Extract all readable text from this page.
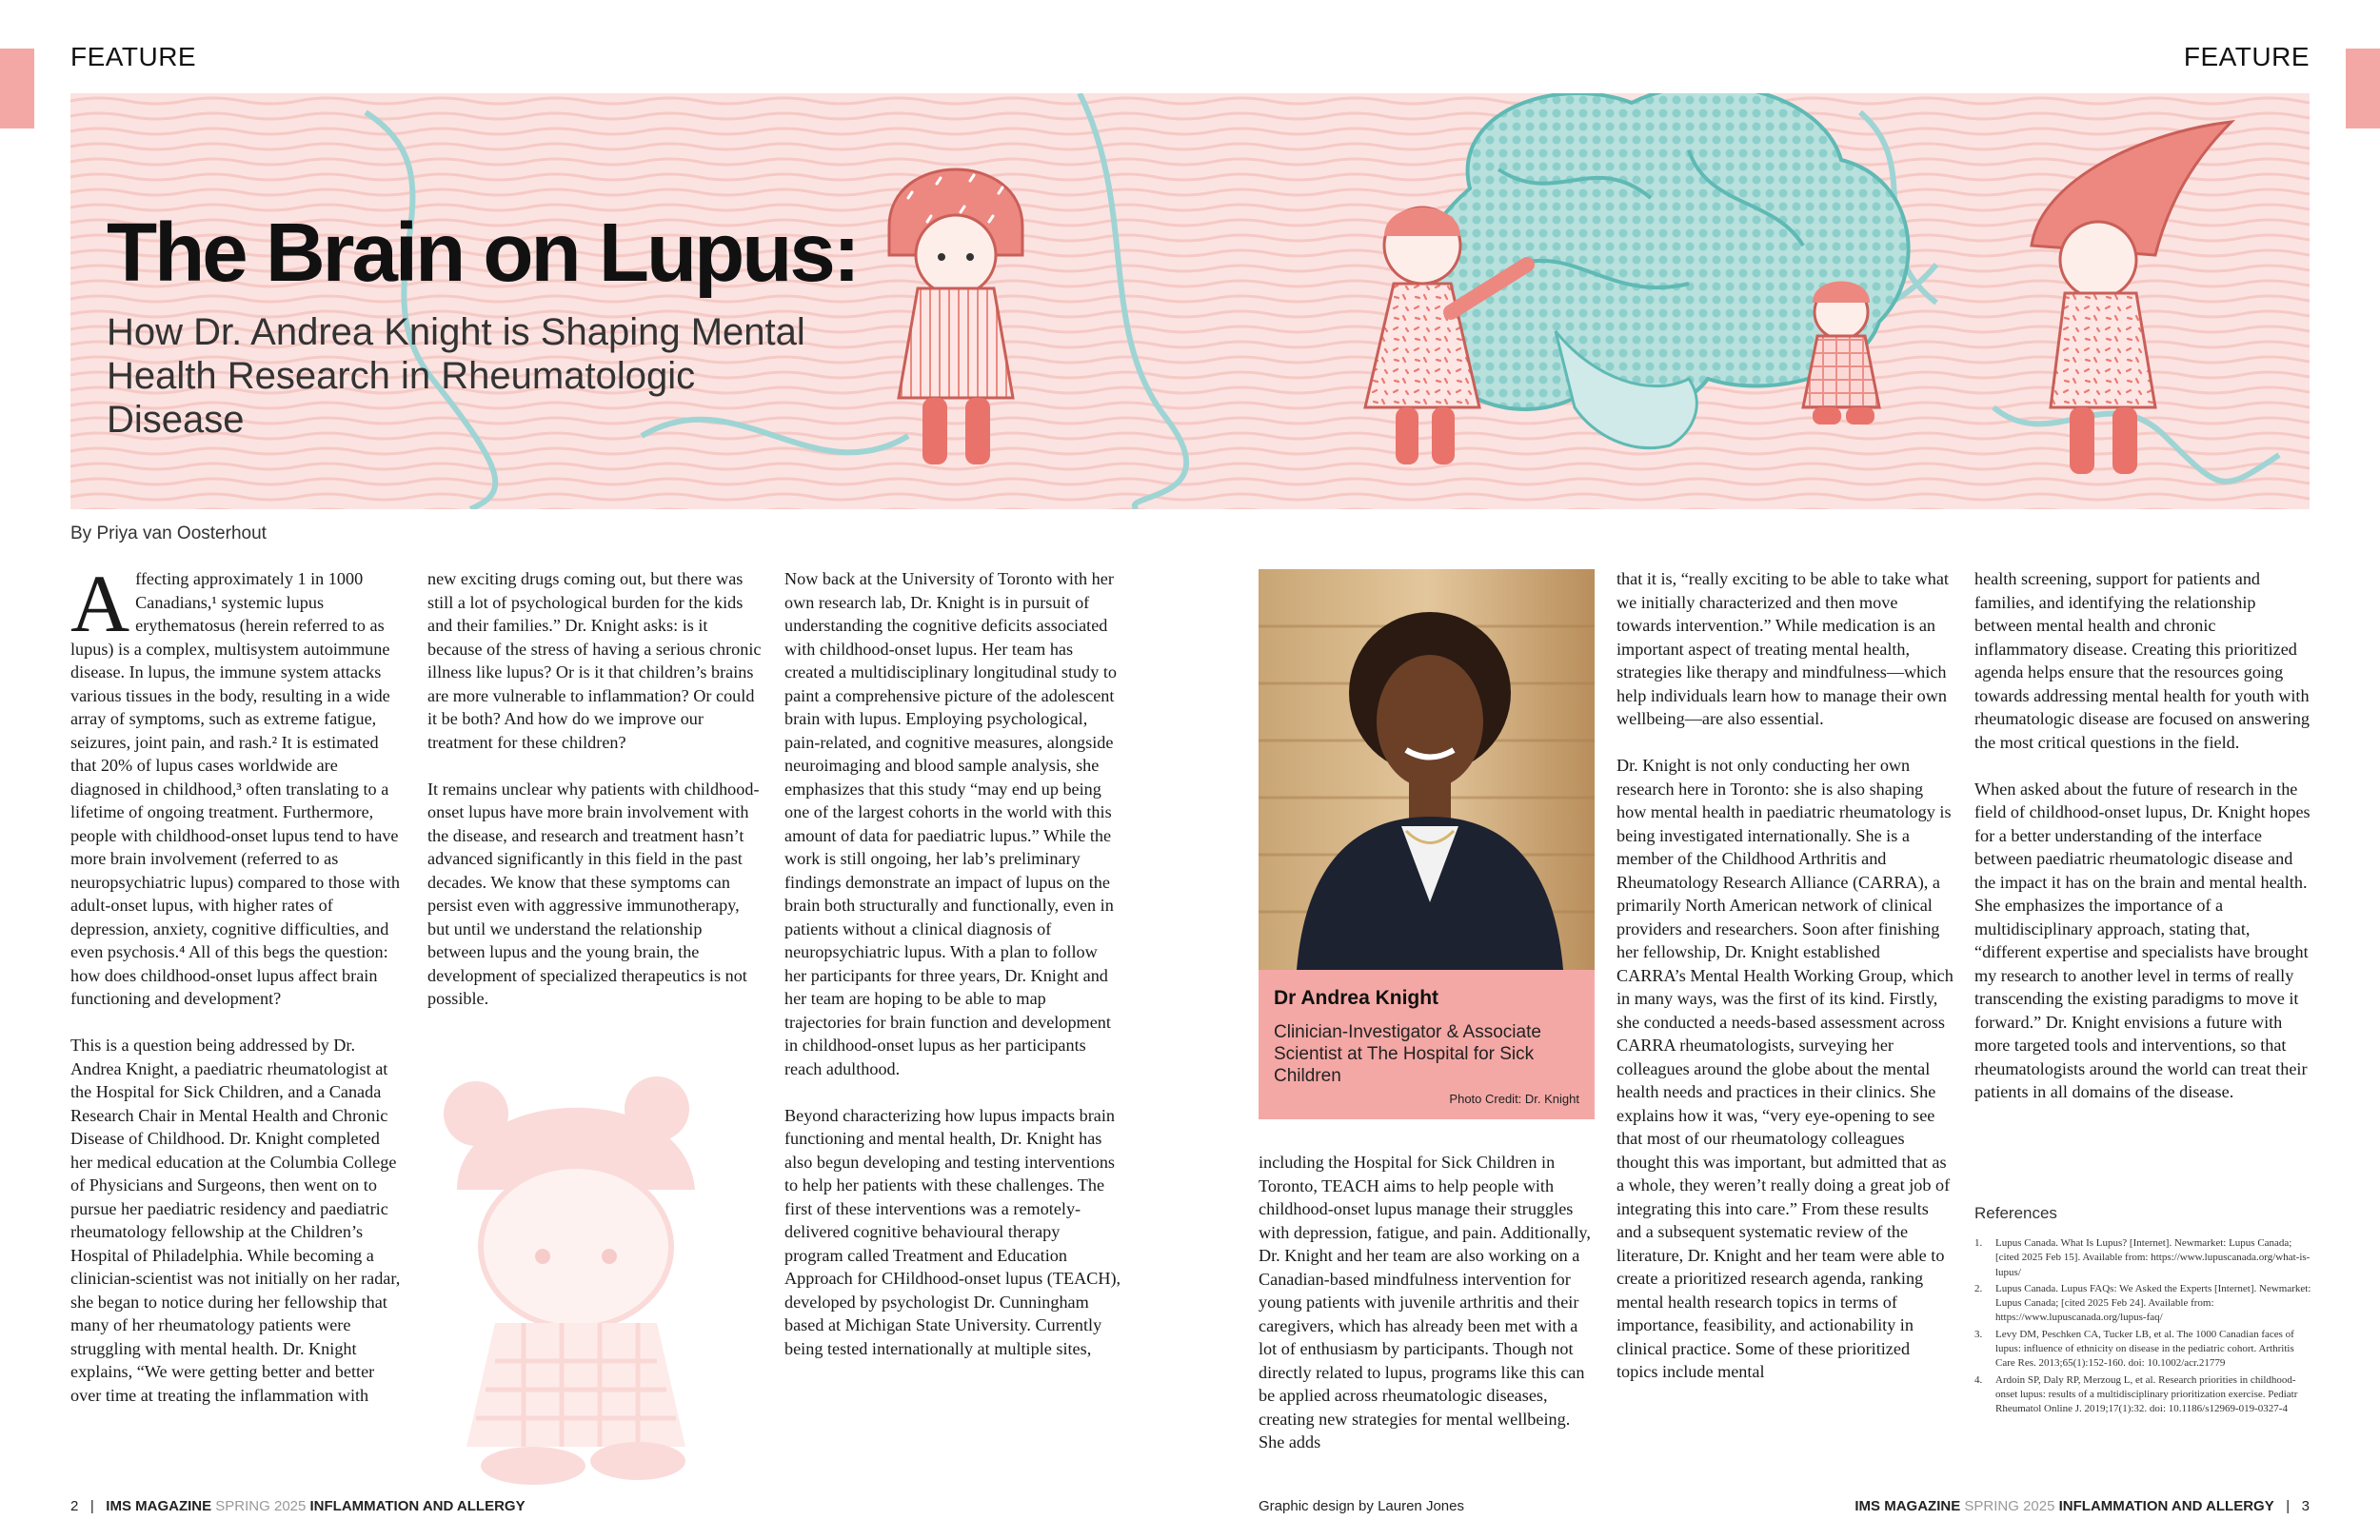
FEATURE	FEATURE
The Brain on Lupus:
How Dr. Andrea Knight is Shaping Mental Health Research in Rheumatologic Disease
By Priya van Oosterhout

Affecting approximately 1 in 1000 Canadians,¹ systemic lupus erythematosus (herein referred to as lupus) is a complex, multisystem autoimmune disease. In lupus, the immune system attacks various tissues in the body, resulting in a wide array of symptoms, such as extreme fatigue, seizures, joint pain, and rash.² It is estimated that 20% of lupus cases worldwide are diagnosed in childhood,³ often translating to a lifetime of ongoing treatment. Furthermore, people with childhood-onset lupus tend to have more brain involvement (referred to as neuropsychiatric lupus) compared to those with adult-onset lupus, with higher rates of depression, anxiety, cognitive difficulties, and even psychosis.⁴ All of this begs the question: how does childhood-onset lupus affect brain functioning and development?

This is a question being addressed by Dr. Andrea Knight, a paediatric rheumatologist at the Hospital for Sick Children, and a Canada Research Chair in Mental Health and Chronic Disease of Childhood. Dr. Knight completed her medical education at the Columbia College of Physicians and Surgeons, then went on to pursue her paediatric residency and paediatric rheumatology fellowship at the Children’s Hospital of Philadelphia. While becoming a clinician-scientist was not initially on her radar, she began to notice during her fellowship that many of her rheumatology patients were struggling with mental health. Dr. Knight explains, “We were getting better and better over time at treating the inflammation with

new exciting drugs coming out, but there was still a lot of psychological burden for the kids and their families.” Dr. Knight asks: is it because of the stress of having a serious chronic illness like lupus? Or is it that children’s brains are more vulnerable to inflammation? Or could it be both? And how do we improve our treatment for these children?

It remains unclear why patients with childhood-onset lupus have more brain involvement with the disease, and research and treatment hasn’t advanced significantly in this field in the past decades. We know that these symptoms can persist even with aggressive immunotherapy, but until we understand the relationship between lupus and the young brain, the development of specialized therapeutics is not possible.

Now back at the University of Toronto with her own research lab, Dr. Knight is in pursuit of understanding the cognitive deficits associated with childhood-onset lupus. Her team has created a multidisciplinary longitudinal study to paint a comprehensive picture of the adolescent brain with lupus. Employing psychological, pain-related, and cognitive measures, alongside neuroimaging and blood sample analysis, she emphasizes that this study “may end up being one of the largest cohorts in the world with this amount of data for paediatric lupus.” While the work is still ongoing, her lab’s preliminary findings demonstrate an impact of lupus on the brain both structurally and functionally, even in patients without a clinical diagnosis of neuropsychiatric lupus. With a plan to follow her participants for three years, Dr. Knight and her team are hoping to be able to map trajectories for brain function and development in childhood-onset lupus as her participants reach adulthood.

Beyond characterizing how lupus impacts brain functioning and mental health, Dr. Knight has also begun developing and testing interventions to help her patients with these challenges. The first of these interventions was a remotely-delivered cognitive behavioural therapy program called Treatment and Education Approach for CHildhood-onset lupus (TEACH), developed by psychologist Dr. Cunningham based at Michigan State University. Currently being tested internationally at multiple sites,

Dr Andrea Knight
Clinician-Investigator & Associate Scientist at The Hospital for Sick Children
Photo Credit: Dr. Knight

including the Hospital for Sick Children in Toronto, TEACH aims to help people with childhood-onset lupus manage their struggles with depression, fatigue, and pain. Additionally, Dr. Knight and her team are also working on a Canadian-based mindfulness intervention for young patients with juvenile arthritis and their caregivers, which has already been met with a lot of enthusiasm by participants. Though not directly related to lupus, programs like this can be applied across rheumatologic diseases, creating new strategies for mental wellbeing. She adds

that it is, “really exciting to be able to take what we initially characterized and then move towards intervention.” While medication is an important aspect of treating mental health, strategies like therapy and mindfulness—which help individuals learn how to manage their own wellbeing—are also essential.

Dr. Knight is not only conducting her own research here in Toronto: she is also shaping how mental health in paediatric rheumatology is being investigated internationally. She is a member of the Childhood Arthritis and Rheumatology Research Alliance (CARRA), a primarily North American network of clinical providers and researchers. Soon after finishing her fellowship, Dr. Knight established CARRA’s Mental Health Working Group, which in many ways, was the first of its kind. Firstly, she conducted a needs-based assessment across CARRA rheumatologists, surveying her colleagues around the globe about the mental health needs and practices in their clinics. She explains how it was, “very eye-opening to see that most of our rheumatology colleagues thought this was important, but admitted that as a whole, they weren’t really doing a great job of integrating this into care.” From these results and a subsequent systematic review of the literature, Dr. Knight and her team were able to create a prioritized research agenda, ranking mental health research topics in terms of importance, feasibility, and actionability in clinical practice. Some of these prioritized topics include mental

health screening, support for patients and families, and identifying the relationship between mental health and chronic inflammatory disease. Creating this prioritized agenda helps ensure that the resources going towards addressing mental health for youth with rheumatologic disease are focused on answering the most critical questions in the field.

When asked about the future of research in the field of childhood-onset lupus, Dr. Knight hopes for a better understanding of the interface between paediatric rheumatologic disease and the impact it has on the brain and mental health. She emphasizes the importance of a multidisciplinary approach, stating that, “different expertise and specialists have brought my research to another level in terms of really transcending the existing paradigms to move it forward.” Dr. Knight envisions a future with more targeted tools and interventions, so that rheumatologists around the world can treat their patients in all domains of the disease.

References
1.	Lupus Canada. What Is Lupus? [Internet]. Newmarket: Lupus Canada; [cited 2025 Feb 15]. Available from: https://www.lupuscanada.org/what-is-lupus/
2.	Lupus Canada. Lupus FAQs: We Asked the Experts [Internet]. Newmarket: Lupus Canada; [cited 2025 Feb 24]. Available from: https://www.lupuscanada.org/lupus-faq/
3.	Levy DM, Peschken CA, Tucker LB, et al. The 1000 Canadian faces of lupus: influence of ethnicity on disease in the pediatric cohort. Arthritis Care Res. 2013;65(1):152-160. doi: 10.1002/acr.21779
4.	Ardoin SP, Daly RP, Merzoug L, et al. Research priorities in childhood-onset lupus: results of a multidisciplinary prioritization exercise. Pediatr Rheumatol Online J. 2019;17(1):32. doi: 10.1186/s12969-019-0327-4
2 | IMS MAGAZINE SPRING 2025 INFLAMMATION AND ALLERGY	Graphic design by Lauren Jones	IMS MAGAZINE SPRING 2025 INFLAMMATION AND ALLERGY | 3
